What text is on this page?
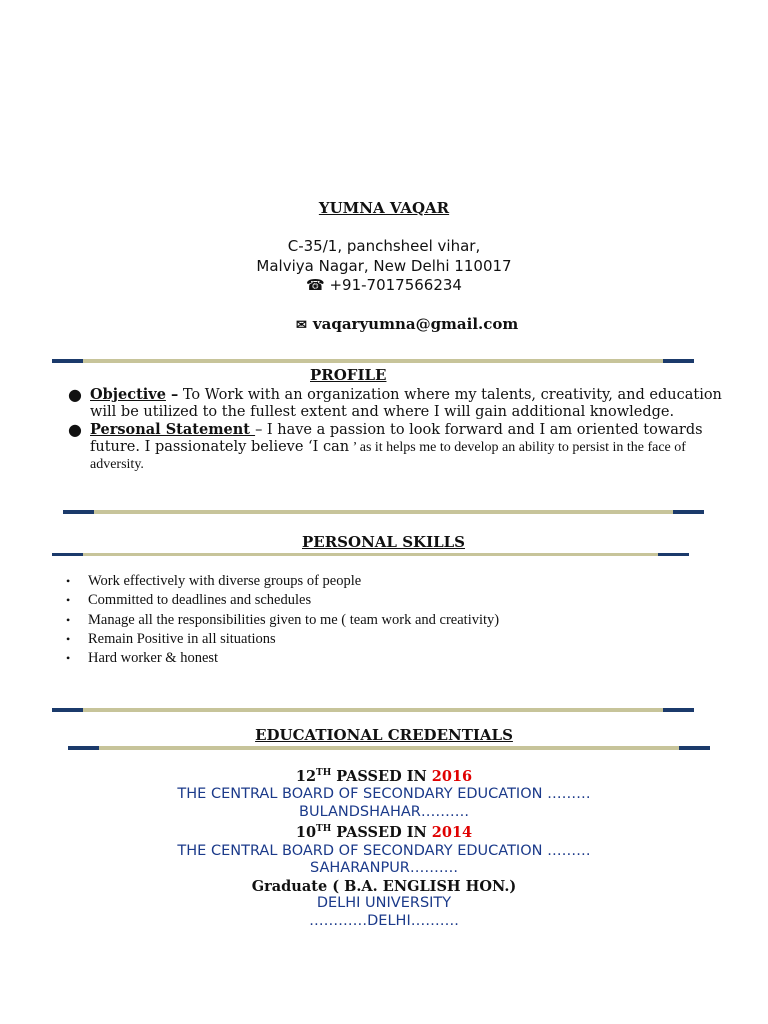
YUMNA VAQAR
C-35/1, panchsheel vihar,
Malviya Nagar, New Delhi 110017
☎ +91-7017566234
✉ vaqaryumna@gmail.com
PROFILE
● Objective – To Work with an organization where my talents, creativity, and education will be utilized to the fullest extent and where I will gain additional knowledge.
● Personal Statement – I have a passion to look forward and I am oriented towards future. I passionately believe ‘I can ’ as it helps me to develop an ability to persist in the face of adversity.
PERSONAL SKILLS
• Work effectively with diverse groups of people
• Committed to deadlines and schedules
• Manage all the responsibilities given to me ( team work and creativity)
• Remain Positive in all situations
• Hard worker & honest
EDUCATIONAL CREDENTIALS
12TH PASSED IN 2016
THE CENTRAL BOARD OF SECONDARY EDUCATION ………
BULANDSHAHAR……….
10TH PASSED IN 2014
THE CENTRAL BOARD OF SECONDARY EDUCATION ………
SAHARANPUR……….
Graduate ( B.A. ENGLISH HON.)
DELHI UNIVERSITY
…………DELHI……….
